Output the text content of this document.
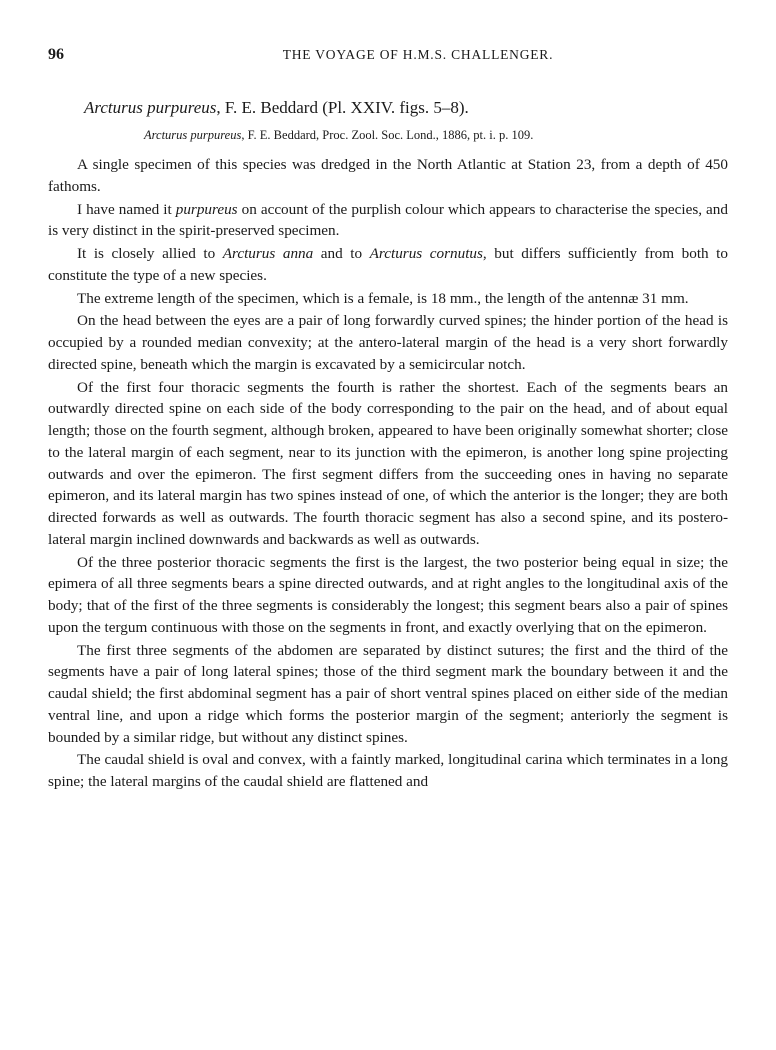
96	THE VOYAGE OF H.M.S. CHALLENGER.
Arcturus purpureus, F. E. Beddard (Pl. XXIV. figs. 5–8).
Arcturus purpureus, F. E. Beddard, Proc. Zool. Soc. Lond., 1886, pt. i. p. 109.

A single specimen of this species was dredged in the North Atlantic at Station 23, from a depth of 450 fathoms.

I have named it purpureus on account of the purplish colour which appears to characterise the species, and is very distinct in the spirit-preserved specimen.

It is closely allied to Arcturus anna and to Arcturus cornutus, but differs sufficiently from both to constitute the type of a new species.

The extreme length of the specimen, which is a female, is 18 mm., the length of the antennæ 31 mm.

On the head between the eyes are a pair of long forwardly curved spines; the hinder portion of the head is occupied by a rounded median convexity; at the antero-lateral margin of the head is a very short forwardly directed spine, beneath which the margin is excavated by a semicircular notch.

Of the first four thoracic segments the fourth is rather the shortest. Each of the segments bears an outwardly directed spine on each side of the body corresponding to the pair on the head, and of about equal length; those on the fourth segment, although broken, appeared to have been originally somewhat shorter; close to the lateral margin of each segment, near to its junction with the epimeron, is another long spine projecting outwards and over the epimeron. The first segment differs from the succeeding ones in having no separate epimeron, and its lateral margin has two spines instead of one, of which the anterior is the longer; they are both directed forwards as well as outwards. The fourth thoracic segment has also a second spine, and its postero-lateral margin inclined downwards and backwards as well as outwards.

Of the three posterior thoracic segments the first is the largest, the two posterior being equal in size; the epimera of all three segments bears a spine directed outwards, and at right angles to the longitudinal axis of the body; that of the first of the three segments is considerably the longest; this segment bears also a pair of spines upon the tergum continuous with those on the segments in front, and exactly overlying that on the epimeron.

The first three segments of the abdomen are separated by distinct sutures; the first and the third of the segments have a pair of long lateral spines; those of the third segment mark the boundary between it and the caudal shield; the first abdominal segment has a pair of short ventral spines placed on either side of the median ventral line, and upon a ridge which forms the posterior margin of the segment; anteriorly the segment is bounded by a similar ridge, but without any distinct spines.

The caudal shield is oval and convex, with a faintly marked, longitudinal carina which terminates in a long spine; the lateral margins of the caudal shield are flattened and
